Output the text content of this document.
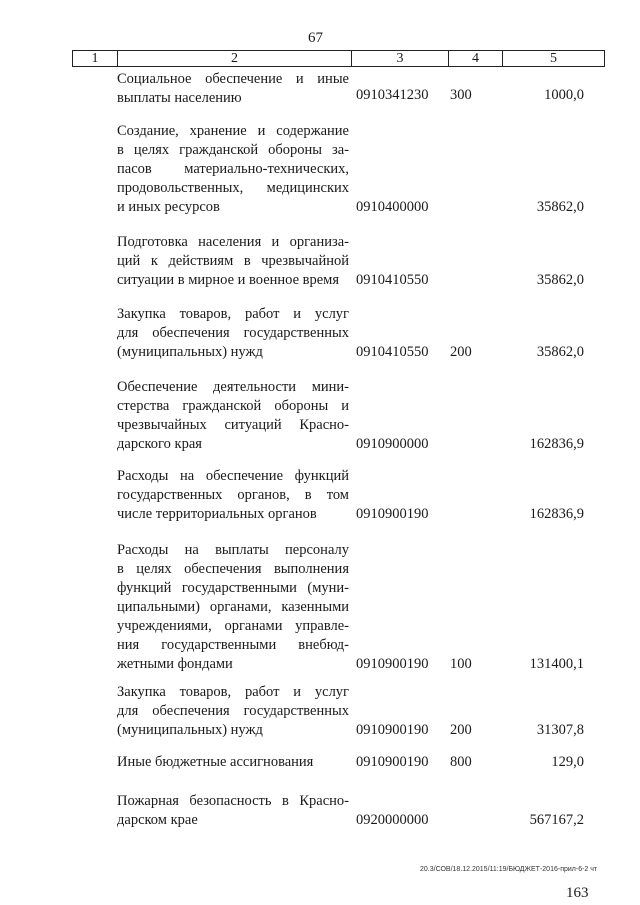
67
1	2	3	4	5
Социальное обеспечение и иные
выплаты населению	0910341230 300	1000,0
Создание, хранение и содержание
в целях гражданской обороны за-
пасов материально-технических,
продовольственных, медицинских
и иных ресурсов	0910400000	35862,0
Подготовка населения и организа-
ций к действиям в чрезвычайной
ситуации в мирное и военное время	0910410550	35862,0
Закупка товаров, работ и услуг
для обеспечения государственных
(муниципальных) нужд	0910410550 200	35862,0
Обеспечение деятельности мини-
стерства гражданской обороны и
чрезвычайных ситуаций Красно-
дарского края	0910900000	162836,9
Расходы на обеспечение функций
государственных органов, в том
числе территориальных органов	0910900190	162836,9
Расходы на выплаты персоналу
в целях обеспечения выполнения
функций государственными (муни-
ципальными) органами, казенными
учреждениями, органами управле-
ния государственными внебюд-
жетными фондами	0910900190 100	131400,1
Закупка товаров, работ и услуг
для обеспечения государственных
(муниципальных) нужд	0910900190 200	31307,8
Иные бюджетные ассигнования	0910900190 800	129,0
Пожарная безопасность в Красно-
дарском крае	0920000000	567167,2
20.3/СОВ/18.12.2015/11:19/БЮДЖЕТ-2016-прил-6-2 чт
163
